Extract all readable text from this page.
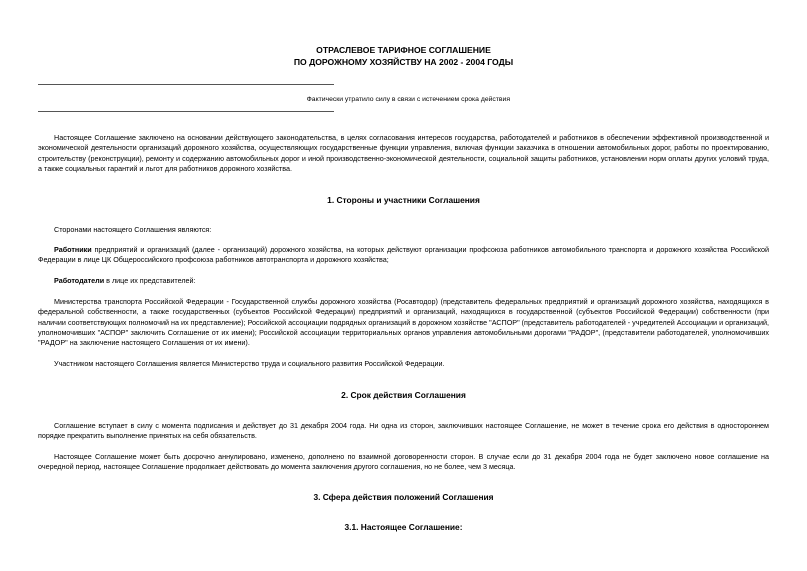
ОТРАСЛЕВОЕ ТАРИФНОЕ СОГЛАШЕНИЕ
ПО ДОРОЖНОМУ ХОЗЯЙСТВУ НА 2002 - 2004 ГОДЫ
Фактически утратило силу в связи с истечением срока действия
Настоящее Соглашение заключено на основании действующего законодательства, в целях согласования интересов государства, работодателей и работников в обеспечении эффективной производственной и экономической деятельности организаций дорожного хозяйства, осуществляющих государственные функции управления, включая функции заказчика в отношении автомобильных дорог, работы по проектированию, строительству (реконструкции), ремонту и содержанию автомобильных дорог и иной производственно-экономической деятельности, социальной защиты работников, установлении норм оплаты других условий труда, а также социальных гарантий и льгот для работников дорожного хозяйства.
1. Стороны и участники Соглашения
Сторонами настоящего Соглашения являются:
Работники предприятий и организаций (далее - организаций) дорожного хозяйства, на которых действуют организации профсоюза работников автомобильного транспорта и дорожного хозяйства Российской Федерации в лице ЦК Общероссийского профсоюза работников автотранспорта и дорожного хозяйства;
Работодатели в лице их представителей:
Министерства транспорта Российской Федерации - Государственной службы дорожного хозяйства (Росавтодор) (представитель федеральных предприятий и организаций дорожного хозяйства, находящихся в федеральной собственности, а также государственных (субъектов Российской Федерации) предприятий и организаций, находящихся в государственной (субъектов Российской Федерации) собственности (при наличии соответствующих полномочий на их представление); Российской ассоциации подрядных организаций в дорожном хозяйстве "АСПОР" (представитель работодателей - учредителей Ассоциации и организаций, уполномочивших "АСПОР" заключить Соглашение от их имени); Российской ассоциации территориальных органов управления автомобильными дорогами "РАДОР", (представители работодателей, уполномочивших "РАДОР" на заключение настоящего Соглашения от их имени).
Участником настоящего Соглашения является Министерство труда и социального развития Российской Федерации.
2. Срок действия Соглашения
Соглашение вступает в силу с момента подписания и действует до 31 декабря 2004 года. Ни одна из сторон, заключивших настоящее Соглашение, не может в течение срока его действия в одностороннем порядке прекратить выполнение принятых на себя обязательств.
Настоящее Соглашение может быть досрочно аннулировано, изменено, дополнено по взаимной договоренности сторон. В случае если до 31 декабря 2004 года не будет заключено новое соглашение на очередной период, настоящее Соглашение продолжает действовать до момента заключения другого соглашения, но не более, чем 3 месяца.
3. Сфера действия положений Соглашения
3.1. Настоящее Соглашение:
